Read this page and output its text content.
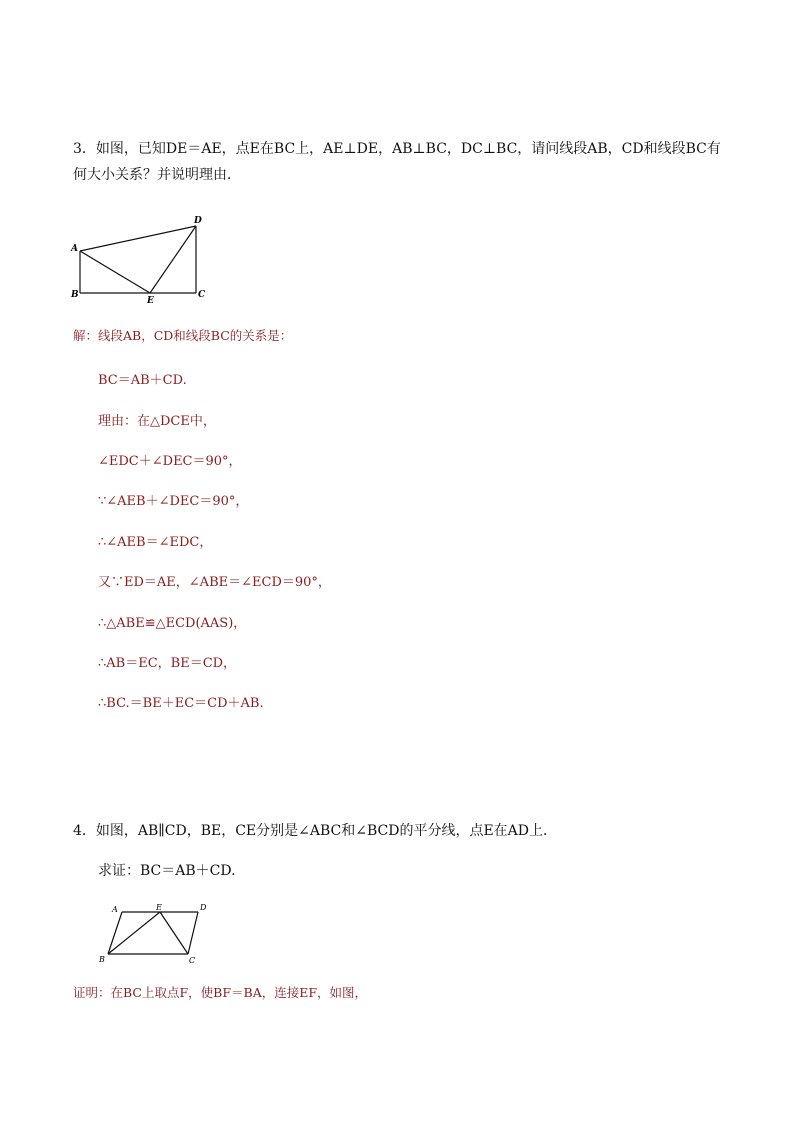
3．如图，已知DE＝AE，点E在BC上，AE⊥DE，AB⊥BC，DC⊥BC，请问线段AB，CD和线段BC有何大小关系？并说明理由．
A
B
E
C
D
解：线段AB，CD和线段BC的关系是：
BC＝AB＋CD.
理由：在△DCE中，
∠EDC＋∠DEC＝90°，
∵∠AEB＋∠DEC＝90°，
∴∠AEB＝∠EDC，
又∵ED＝AE，∠ABE＝∠ECD＝90°，
∴△ABE≌△ECD(AAS)，
∴AB＝EC，BE＝CD，
∴BC.＝BE＋EC＝CD＋AB.
4．如图，AB∥CD，BE，CE分别是∠ABC和∠BCD的平分线，点E在AD上．
求证：BC＝AB＋CD.
A	E	D
B	C
证明：在BC上取点F，使BF＝BA，连接EF，如图，
